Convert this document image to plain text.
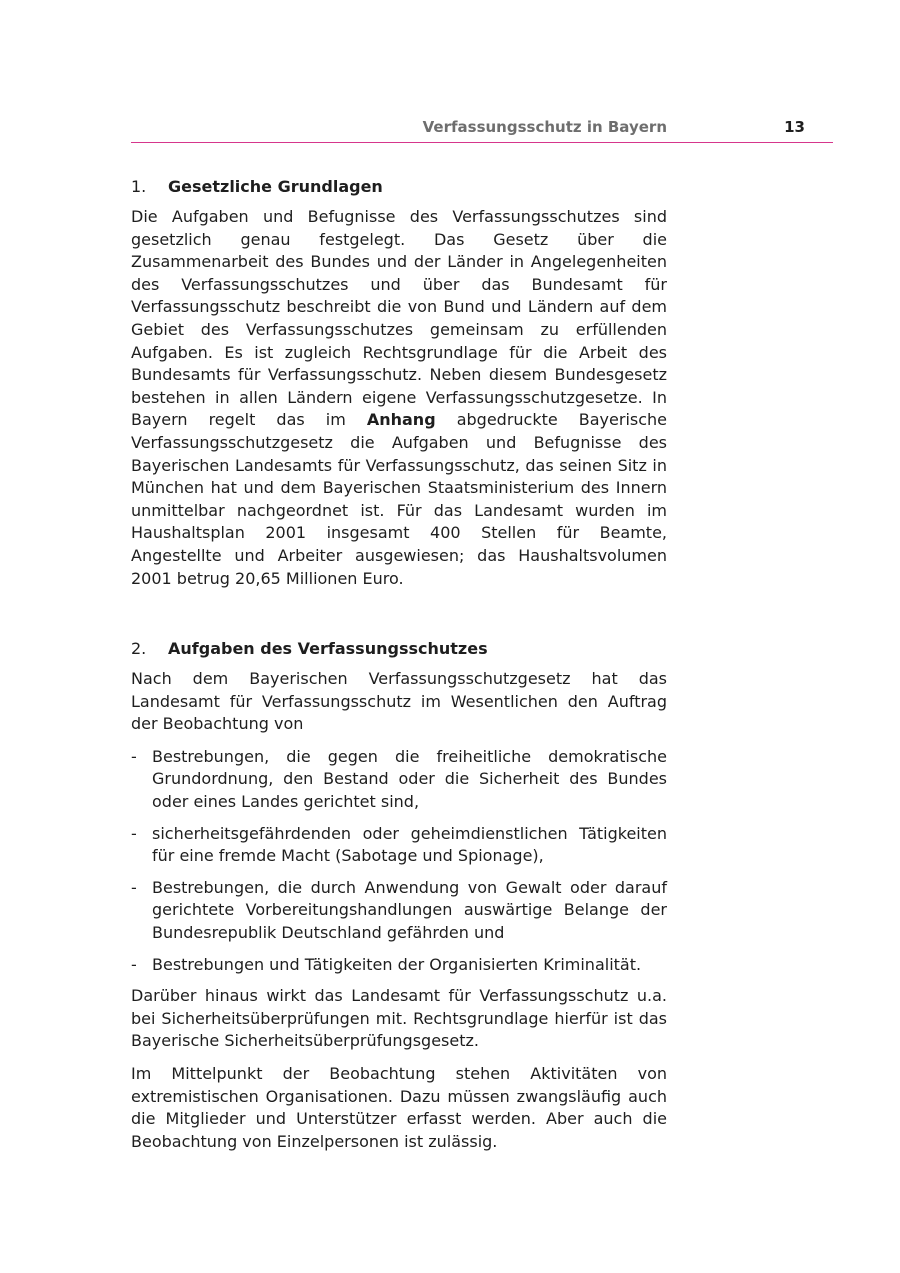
Verfassungsschutz in Bayern	13
1.	Gesetzliche Grundlagen

Die Aufgaben und Befugnisse des Verfassungsschutzes sind gesetzlich genau festgelegt. Das Gesetz über die Zusammenarbeit des Bundes und der Länder in Angelegenheiten des Verfassungsschutzes und über das Bundesamt für Verfassungsschutz beschreibt die von Bund und Ländern auf dem Gebiet des Verfassungsschutzes gemeinsam zu erfüllenden Aufgaben. Es ist zugleich Rechtsgrundlage für die Arbeit des Bundesamts für Verfassungsschutz. Neben diesem Bundesgesetz bestehen in allen Ländern eigene Verfassungsschutzgesetze. In Bayern regelt das im Anhang abgedruckte Bayerische Verfassungsschutzgesetz die Aufgaben und Befugnisse des Bayerischen Landesamts für Verfassungsschutz, das seinen Sitz in München hat und dem Bayerischen Staatsministerium des Innern unmittelbar nachgeordnet ist. Für das Landesamt wurden im Haushaltsplan 2001 insgesamt 400 Stellen für Beamte, Angestellte und Arbeiter ausgewiesen; das Haushaltsvolumen 2001 betrug 20,65 Millionen Euro.

2.	Aufgaben des Verfassungsschutzes

Nach dem Bayerischen Verfassungsschutzgesetz hat das Landesamt für Verfassungsschutz im Wesentlichen den Auftrag der Beobachtung von

- Bestrebungen, die gegen die freiheitliche demokratische Grundordnung, den Bestand oder die Sicherheit des Bundes oder eines Landes gerichtet sind,
- sicherheitsgefährdenden oder geheimdienstlichen Tätigkeiten für eine fremde Macht (Sabotage und Spionage),
- Bestrebungen, die durch Anwendung von Gewalt oder darauf gerichtete Vorbereitungshandlungen auswärtige Belange der Bundesrepublik Deutschland gefährden und
- Bestrebungen und Tätigkeiten der Organisierten Kriminalität.

Darüber hinaus wirkt das Landesamt für Verfassungsschutz u.a. bei Sicherheitsüberprüfungen mit. Rechtsgrundlage hierfür ist das Bayerische Sicherheitsüberprüfungsgesetz.

Im Mittelpunkt der Beobachtung stehen Aktivitäten von extremistischen Organisationen. Dazu müssen zwangsläufig auch die Mitglieder und Unterstützer erfasst werden. Aber auch die Beobachtung von Einzelpersonen ist zulässig.
